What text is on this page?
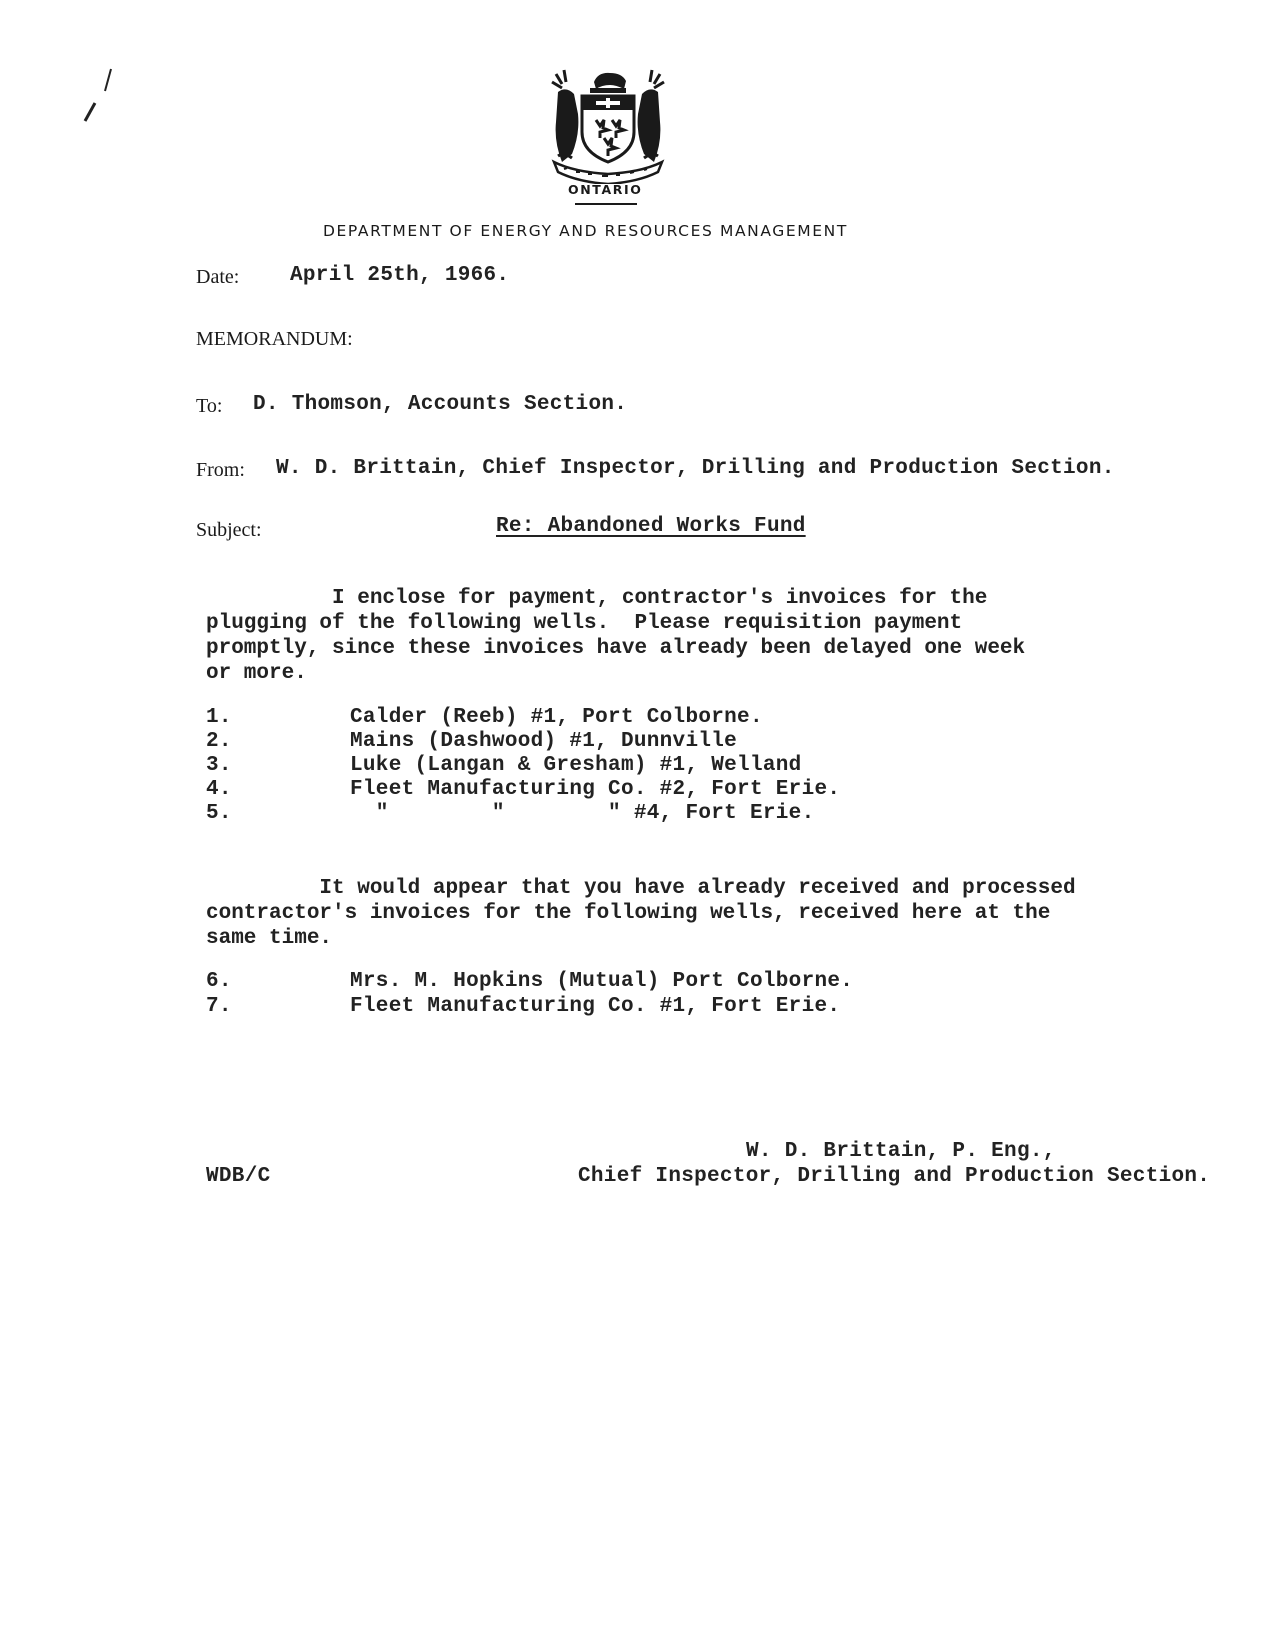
ONTARIO
DEPARTMENT OF ENERGY AND RESOURCES MANAGEMENT
Date: April 25th, 1966.
MEMORANDUM:
To: D. Thomson, Accounts Section.
From: W. D. Brittain, Chief Inspector, Drilling and Production Section.
Subject:	Re: Abandoned Works Fund
I enclose for payment, contractor's invoices for the
plugging of the following wells.  Please requisition payment
promptly, since these invoices have already been delayed one week
or more.
1.	Calder (Reeb) #1, Port Colborne.
2.	Mains (Dashwood) #1, Dunnville
3.	Luke (Langan & Gresham) #1, Welland
4.	Fleet Manufacturing Co. #2, Fort Erie.
5.	"        "        " #4, Fort Erie.
It would appear that you have already received and processed
contractor's invoices for the following wells, received here at the
same time.
6.	Mrs. M. Hopkins (Mutual) Port Colborne.
7.	Fleet Manufacturing Co. #1, Fort Erie.
W. D. Brittain, P. Eng.,
WDB/C	Chief Inspector, Drilling and Production Section.
